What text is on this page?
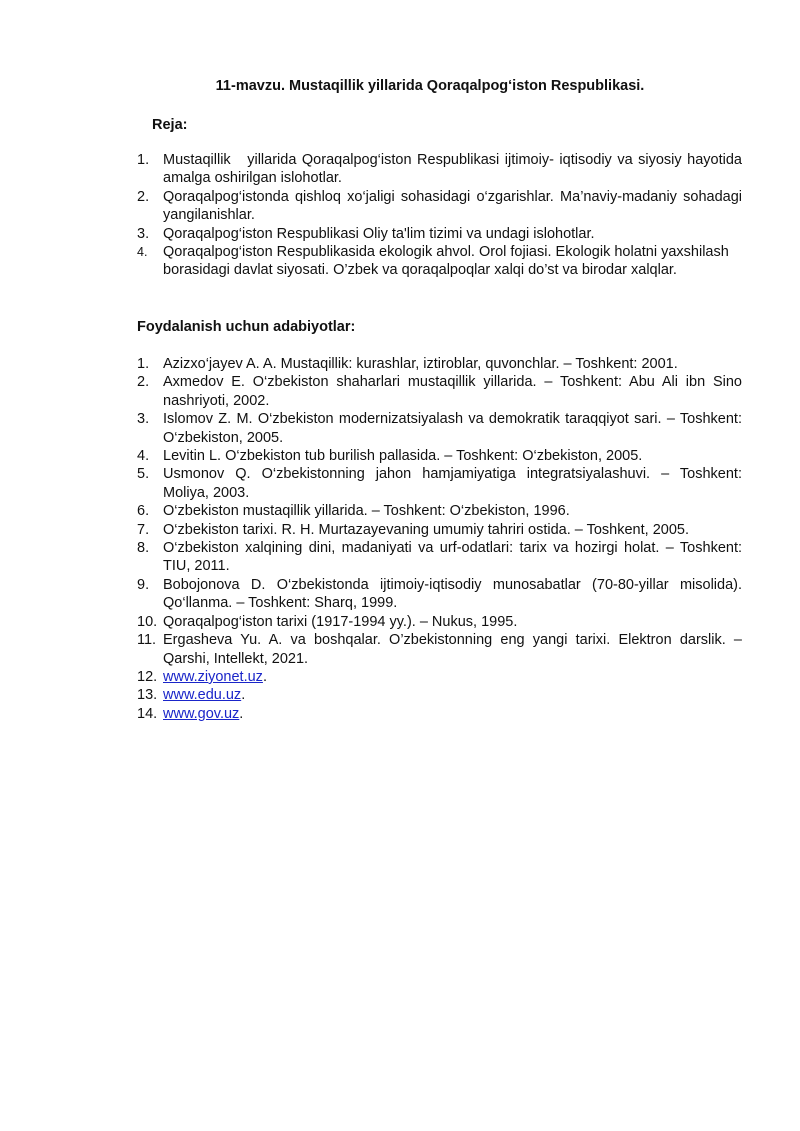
11-mavzu. Mustaqillik yillarida Qoraqalpog‘iston Respublikasi.
Reja:
1. Mustaqillik   yillarida Qoraqalpog‘iston Respublikasi ijtimoiy- iqtisodiy va siyosiy hayotida amalga oshirilgan islohotlar.
2. Qoraqalpog‘istonda qishloq xo‘jaligi sohasidagi o‘zgarishlar. Ma’naviy-madaniy sohadagi yangilanishlar.
3. Qoraqalpog‘iston Respublikasi Oliy ta'lim tizimi va undagi islohotlar.
4.	Qoraqalpog‘iston Respublikasida ekologik ahvol. Orol fojiasi. Ekologik holatni yaxshilash borasidagi davlat siyosati. O’zbek va qoraqalpoqlar xalqi do’st va birodar xalqlar.
Foydalanish uchun adabiyotlar:
1. Azizxo‘jayev A. A. Mustaqillik: kurashlar, iztiroblar, quvonchlar. – Toshkent: 2001.
2. Axmedov E. O‘zbekiston shaharlari mustaqillik yillarida. – Toshkent: Abu Ali ibn Sino nashriyoti, 2002.
3. Islomov Z. M. O‘zbekiston modernizatsiyalash va demokratik taraqqiyot sari. – Toshkent: O‘zbekiston, 2005.
4. Levitin L. O‘zbekiston tub burilish pallasida. – Toshkent: O‘zbekiston, 2005.
5. Usmonov Q. O‘zbekistonning jahon hamjamiyatiga integratsiyalashuvi. – Toshkent: Moliya, 2003.
6. O‘zbekiston mustaqillik yillarida. – Toshkent: O‘zbekiston, 1996.
7. O‘zbekiston tarixi. R. H. Murtazayevaning umumiy tahriri ostida. – Toshkent, 2005.
8. O‘zbekiston xalqining dini, madaniyati va urf-odatlari: tarix va hozirgi holat. – Toshkent: TIU, 2011.
9. Bobojonova D. O‘zbekistonda ijtimoiy-iqtisodiy munosabatlar (70-80-yillar misolida). Qo‘llanma. – Toshkent: Sharq, 1999.
10. Qoraqalpog‘iston tarixi (1917-1994 yy.). – Nukus, 1995.
11. Ergasheva Yu. A. va boshqalar. O’zbekistonning eng yangi tarixi. Elektron darslik. – Qarshi, Intellekt, 2021.
12. www.ziyonet.uz.
13. www.edu.uz.
14. www.gov.uz.
